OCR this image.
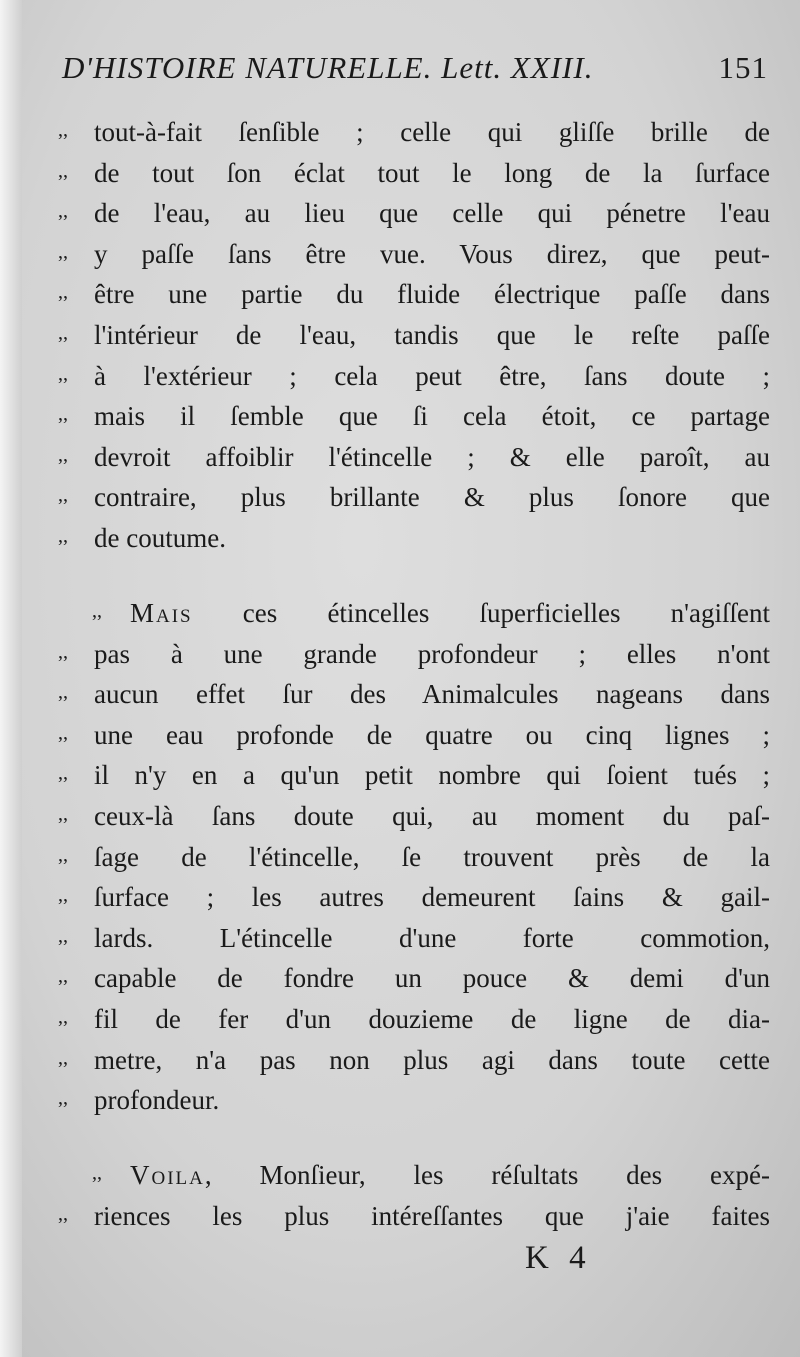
D'HISTOIRE NATURELLE. Lett. XXIII.	151
,, tout-à-fait ſenſible ; celle qui gliſſe brille de
,, de tout ſon éclat tout le long de la ſurface
,, de l'eau, au lieu que celle qui pénetre l'eau
,, y paſſe ſans être vue. Vous direz, que peut-
,, être une partie du fluide électrique paſſe dans
,, l'intérieur de l'eau, tandis que le reſte paſſe
,, à l'extérieur ; cela peut être, ſans doute ;
,, mais il ſemble que ſi cela étoit, ce partage
,, devroit affoiblir l'étincelle ; & elle paroît, au
,, contraire, plus brillante & plus ſonore que
,, de coutume.
,, Mais ces étincelles ſuperficielles n'agiſſent
,, pas à une grande profondeur ; elles n'ont
,, aucun effet ſur des Animalcules nageans dans
,, une eau profonde de quatre ou cinq lignes ;
,, il n'y en a qu'un petit nombre qui ſoient tués ;
,, ceux-là ſans doute qui, au moment du paſ-
,, ſage de l'étincelle, ſe trouvent près de la
,, ſurface ; les autres demeurent ſains & gail-
,, lards. L'étincelle d'une forte commotion,
,, capable de fondre un pouce & demi d'un
,, fil de fer d'un douzieme de ligne de dia-
,, metre, n'a pas non plus agi dans toute cette
,, profondeur.
,, Voila, Monſieur, les réſultats des expé-
,, riences les plus intéreſſantes que j'aie faites
K 4
